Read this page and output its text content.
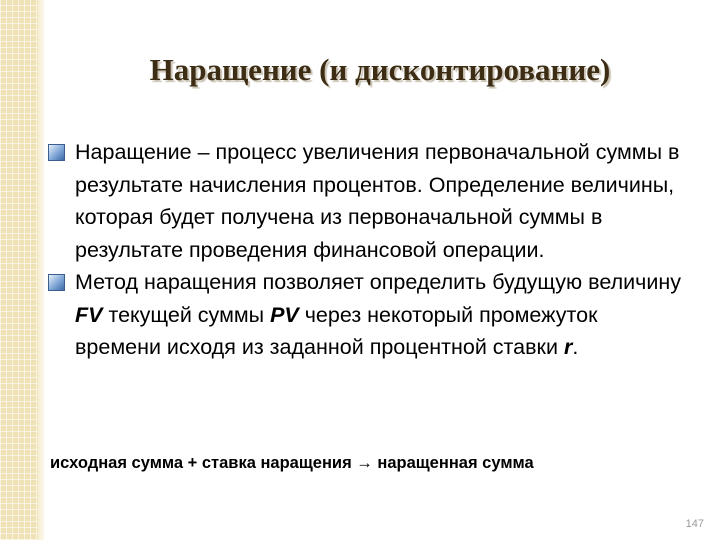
Наращение (и дисконтирование)
Наращение – процесс увеличения первоначальной суммы в результате начисления процентов. Определение величины, которая будет получена из первоначальной суммы в результате проведения финансовой операции.
Метод наращения позволяет определить будущую величину FV текущей суммы PV через некоторый промежуток времени исходя из заданной процентной ставки r.
исходная сумма + ставка наращения → наращенная сумма
147
